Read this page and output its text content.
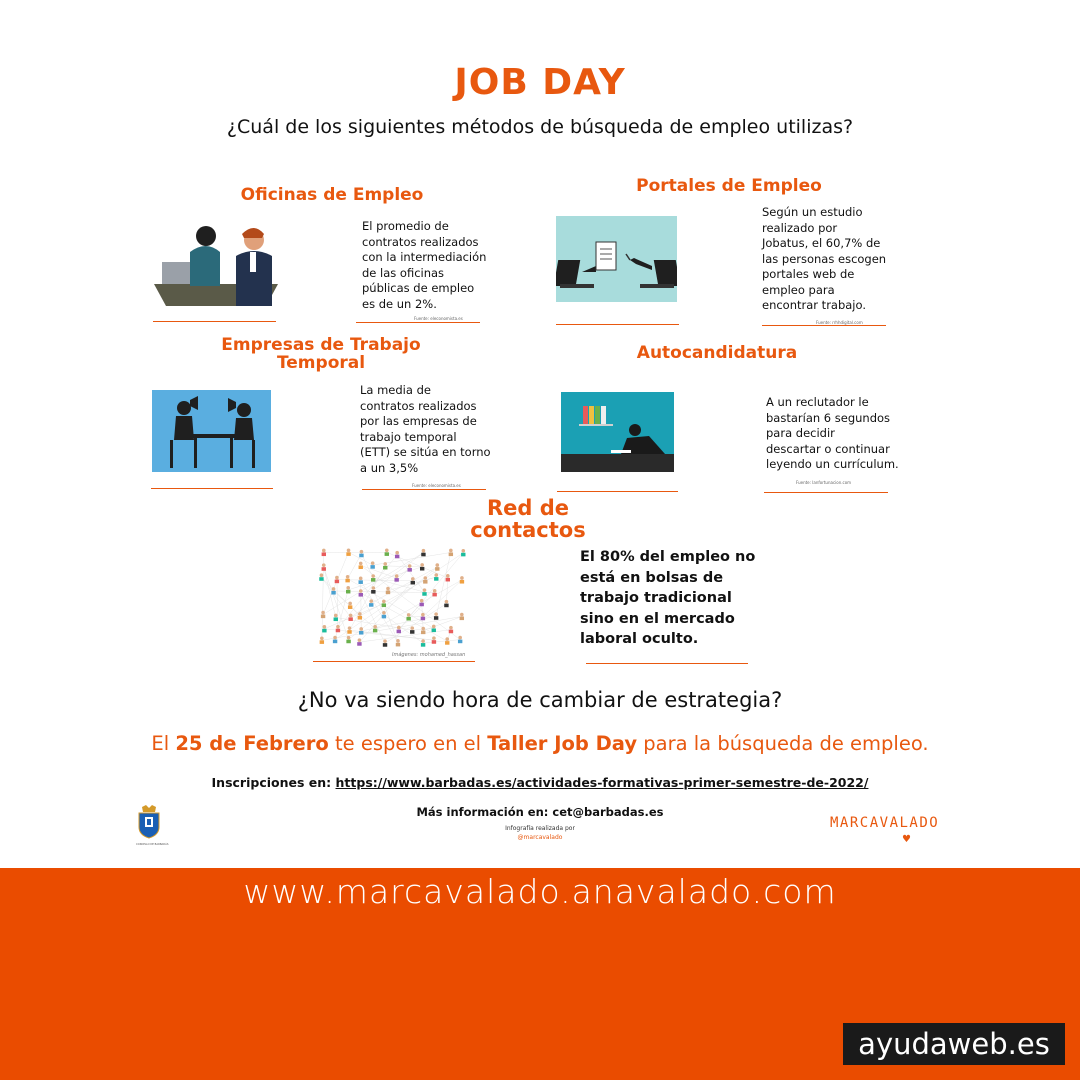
JOB DAY
¿Cuál de los siguientes métodos de búsqueda de empleo utilizas?
Oficinas de Empleo
El promedio de
contratos realizados
con la intermediación
de las oficinas
públicas de empleo
es de un 2%.
Fuente: eleconomista.es
Portales de Empleo
Según un estudio
realizado por
Jobatus, el 60,7% de
las personas escogen
portales web de
empleo para
encontrar trabajo.
Fuente: rrhhdigital.com
Empresas de Trabajo
Temporal
La media de
contratos realizados
por las empresas de
trabajo temporal
(ETT) se sitúa en torno
a un 3,5%
Fuente: eleconomista.es
Autocandidatura
A un reclutador le
bastarían 6 segundos
para decidir
descartar o continuar
leyendo un currículum.
Fuente: lanfortunacion.com
Red de
contactos
Imágenes: mohamed_hassan
El 80% del empleo no
está en bolsas de
trabajo tradicional
sino en el mercado
laboral oculto.
¿No va siendo hora de cambiar de estrategia?
El 25 de Febrero te espero en el Taller Job Day para la búsqueda de empleo.
Inscripciones en: https://www.barbadas.es/actividades-formativas-primer-semestre-de-2022/
Más información en: cet@barbadas.es
Infografía realizada por
@marcavalado
CONCELLO DE BARBADÁS
MARCAVALADO
♥
www.marcavalado.anavalado.com
ayudaweb.es
